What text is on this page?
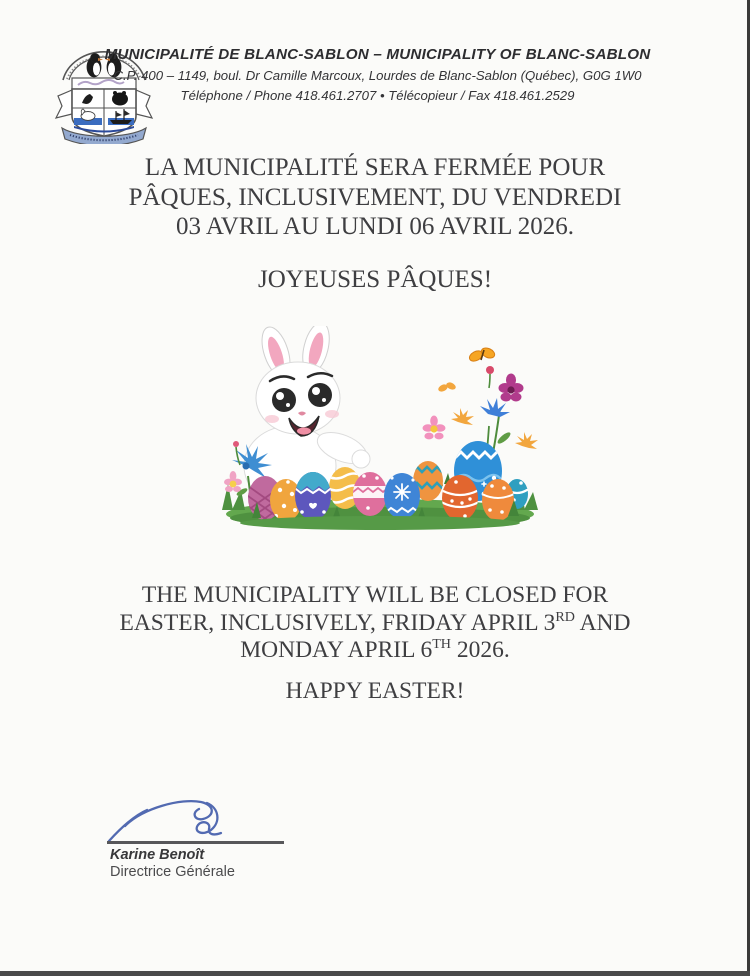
MUNICIPALITÉ DE BLANC-SABLON – MUNICIPALITY OF BLANC-SABLON
C.P. 400 – 1149, boul. Dr Camille Marcoux, Lourdes de Blanc-Sablon (Québec), G0G 1W0
Téléphone / Phone 418.461.2707 • Télécopieur / Fax 418.461.2529
LA MUNICIPALITÉ SERA FERMÉE POUR
PÂQUES, INCLUSIVEMENT, DU VENDREDI
03 AVRIL AU LUNDI 06 AVRIL 2026.
JOYEUSES PÂQUES!
THE MUNICIPALITY WILL BE CLOSED FOR
EASTER, INCLUSIVELY, FRIDAY APRIL 3RD AND
MONDAY APRIL 6TH 2026.
HAPPY EASTER!
Karine Benoît
Directrice Générale
